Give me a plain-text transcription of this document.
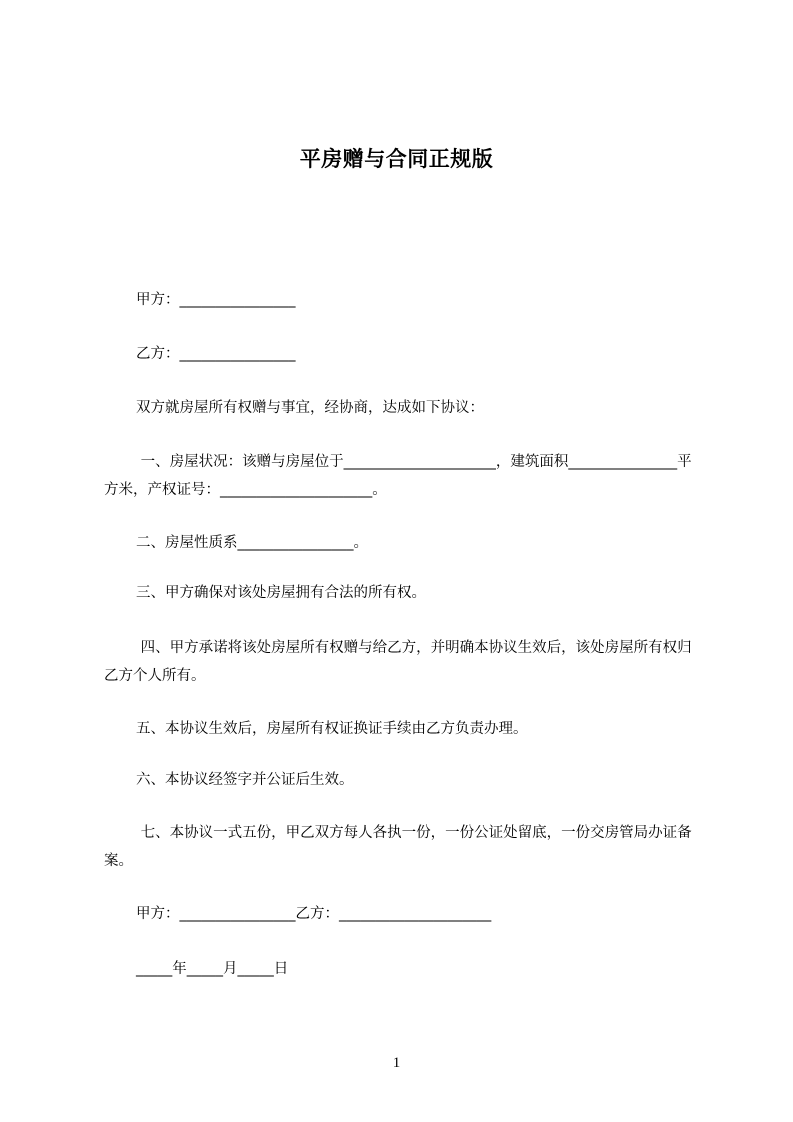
平房赠与合同正规版
甲方：________________
乙方：________________
双方就房屋所有权赠与事宜，经协商，达成如下协议：
一、房屋状况：该赠与房屋位于_____________________，建筑面积_______________平方米，产权证号：_____________________。
二、房屋性质系________________。
三、甲方确保对该处房屋拥有合法的所有权。
四、甲方承诺将该处房屋所有权赠与给乙方，并明确本协议生效后，该处房屋所有权归乙方个人所有。
五、本协议生效后，房屋所有权证换证手续由乙方负责办理。
六、本协议经签字并公证后生效。
七、本协议一式五份，甲乙双方每人各执一份，一份公证处留底，一份交房管局办证备案。
甲方：________________乙方：_____________________
_____年_____月_____日
1
